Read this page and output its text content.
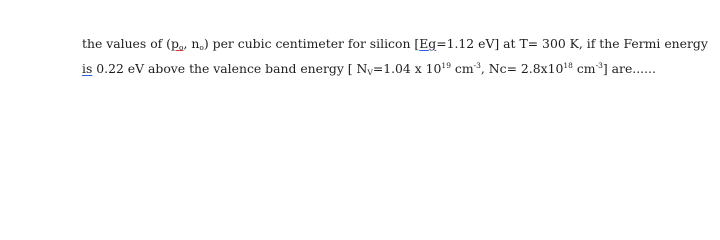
the values of ($p_o$, $n_o$) per cubic centimeter for silicon [Eg=1.12 eV] at T= 300 K, if the Fermi energy
is 0.22 eV above the valence band energy [ $N_V=1.04$ x $10^{19}$ $cm^{-3}$, $Nc= 2.8x10^{18}$ $cm^{-3}$] are......
